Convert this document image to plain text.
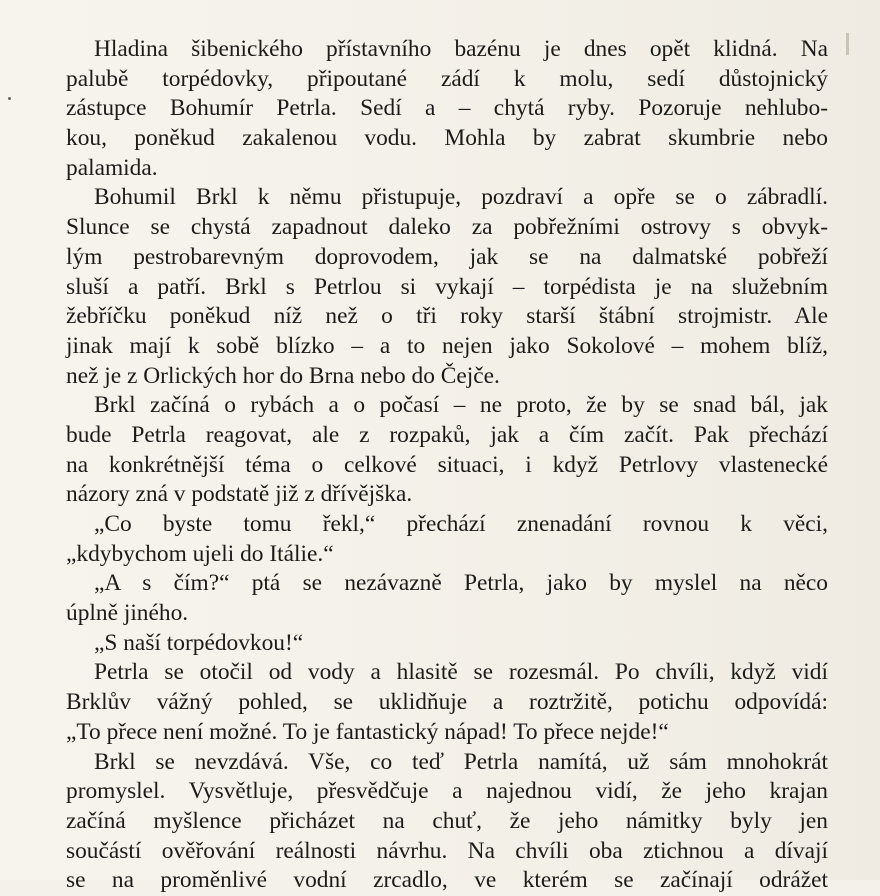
Hladina šibenického přístavního bazénu je dnes opět klidná. Na
palubě torpédovky, připoutané zádí k molu, sedí důstojnický
zástupce Bohumír Petrla. Sedí a – chytá ryby. Pozoruje nehlubo-
kou, poněkud zakalenou vodu. Mohla by zabrat skumbrie nebo
palamida.
Bohumil Brkl k němu přistupuje, pozdraví a opře se o zábradlí.
Slunce se chystá zapadnout daleko za pobřežními ostrovy s obvyk-
lým pestrobarevným doprovodem, jak se na dalmatské pobřeží
sluší a patří. Brkl s Petrlou si vykají – torpédista je na služebním
žebříčku poněkud níž než o tři roky starší štábní strojmistr. Ale
jinak mají k sobě blízko – a to nejen jako Sokolové – mohem blíž,
než je z Orlických hor do Brna nebo do Čejče.
Brkl začíná o rybách a o počasí – ne proto, že by se snad bál, jak
bude Petrla reagovat, ale z rozpaků, jak a čím začít. Pak přechází
na konkrétnější téma o celkové situaci, i když Petrlovy vlastenecké
názory zná v podstatě již z dřívějška.
„Co byste tomu řekl,“ přechází znenadání rovnou k věci,
„kdybychom ujeli do Itálie.“
„A s čím?“ ptá se nezávazně Petrla, jako by myslel na něco
úplně jiného.
„S naší torpédovkou!“
Petrla se otočil od vody a hlasitě se rozesmál. Po chvíli, když vidí
Brklův vážný pohled, se uklidňuje a roztržitě, potichu odpovídá:
„To přece není možné. To je fantastický nápad! To přece nejde!“
Brkl se nevzdává. Vše, co teď Petrla namítá, už sám mnohokrát
promyslel. Vysvětluje, přesvědčuje a najednou vidí, že jeho krajan
začíná myšlence přicházet na chuť, že jeho námitky byly jen
součástí ověřování reálnosti návrhu. Na chvíli oba ztichnou a dívají
se na proměnlivé vodní zrcadlo, ve kterém se začínají odrážet
